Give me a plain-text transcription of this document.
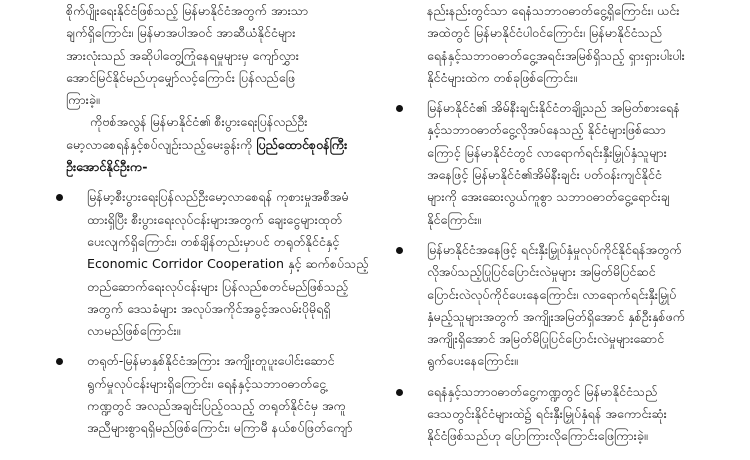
စိုက်ပျိုးရေးနိုင်ငံဖြစ်သည့် မြန်မာနိုင်ငံအတွက် အားသာ
ချက်ရှိကြောင်း၊ မြန်မာအပါအဝင် အာဆီယံနိုင်ငံများ
အားလုံးသည် အဆိုပါတွေ့ကြုံနေရမှုများမှ ကျော်လွှား
အောင်မြင်နိုင်မည်ဟုမျှော်လင့်ကြောင်း ပြန်လည်ဖြေ
ကြားခဲ့။
ကိုဗစ်အလွန် မြန်မာနိုင်ငံ၏ စီးပွားရေးပြန်လည်ဦး
မော့လာစေရန်နှင့်စပ်လျဉ်းသည့်မေးခွန်းကို ပြည်ထောင်စုဝန်ကြီး
ဦးအောင်နိုင်ဦးက-
မြန်မာ့စီးပွားရေးပြန်လည်ဦးမော့လာစေရန် ကုစားမှုအစီအမံ
ထားရှိပြီး စီးပွားရေးလုပ်ငန်းများအတွက် ချေးငွေများထုတ်
ပေးလျက်ရှိကြောင်း၊ တစ်ချိန်တည်းမှာပင် တရုတ်နိုင်ငံနှင့်
Economic Corridor Cooperation နှင့် ဆက်စပ်သည့်
တည်ဆောက်ရေးလုပ်ငန်းများ ပြန်လည်စတင်မည်ဖြစ်သည့်
အတွက် ဒေသခံများ အလုပ်အကိုင်အခွင့်အလမ်းပိုမိုရရှိ
လာမည်ဖြစ်ကြောင်း။
တရုတ်-မြန်မာနှစ်နိုင်ငံအကြား အကျိုးတူပူးပေါင်းဆောင်
ရွက်မှုလုပ်ငန်းများရှိကြောင်း၊ ရေနံနှင့်သဘာဝဓာတ်ငွေ့
ကဏ္ဍတွင် အလည်အချင်းပြည့်ဝသည့် တရုတ်နိုင်ငံမှ အကူ
အညီများစွာရရှိမည်ဖြစ်ကြောင်း၊ မကြာမီ နယ်စပ်ဖြတ်ကျော်
နည်းနည်းတွင်သာ ရေနံသဘာဝဓာတ်ငွေ့ရှိကြောင်း၊ ယင်း
အထဲတွင် မြန်မာနိုင်ငံပါဝင်ကြောင်း၊ မြန်မာနိုင်ငံသည်
ရေနံနှင့်သဘာဝဓာတ်ငွေ့အရင်းအမြစ်ရှိသည့် ရှားရှားပါးပါး
နိုင်ငံများထဲက တစ်ခုဖြစ်ကြောင်း။
မြန်မာနိုင်ငံ၏ အိမ်နီးချင်းနိုင်ငံတချို့သည် အမြတ်စားရေနံ
နှင့်သဘာဝဓာတ်ငွေ့လိုအပ်နေသည့် နိုင်ငံများဖြစ်သော
ကြောင့် မြန်မာနိုင်ငံတွင် လာရောက်ရင်းနှီးမြှုပ်နှံသူများ
အနေဖြင့် မြန်မာနိုင်ငံ၏အိမ်နီးချင်း ပတ်ဝန်းကျင်နိုင်ငံ
များကို အေးဆေးလွယ်ကူစွာ သဘာဝဓာတ်ငွေ့ရောင်းချ
နိုင်ကြောင်း။
မြန်မာနိုင်ငံအနေဖြင့် ရင်းနှီးမြှုပ်နှံမှုလုပ်ကိုင်နိုင်ရန်အတွက်
လိုအပ်သည့်ပြုပြင်ပြောင်းလဲမှုများ အမြတ်မိပြင်ဆင်
ပြောင်းလဲလုပ်ကိုင်ပေးနေကြောင်း၊ လာရောက်ရင်းနှီးမြှုပ်
နှံမည့်သူများအတွက် အကျိုးအမြတ်ရှိအောင် နှစ်ဦးနှစ်ဖက်
အကျိုးရှိအောင် အမြတ်မိပြုပြင်ပြောင်းလဲမှုများဆောင်
ရွက်ပေးနေကြောင်း။
ရေနံနှင့်သဘာဝဓာတ်ငွေ့ကဏ္ဍတွင် မြန်မာနိုင်ငံသည်
ဒေသတွင်းနိုင်ငံများထဲ၌ ရင်းနှီးမြှုပ်နှံရန် အကောင်းဆုံး
နိုင်ငံဖြစ်သည်ဟု ပြောကြားလိုကြောင်းဖြေကြားခဲ့။
